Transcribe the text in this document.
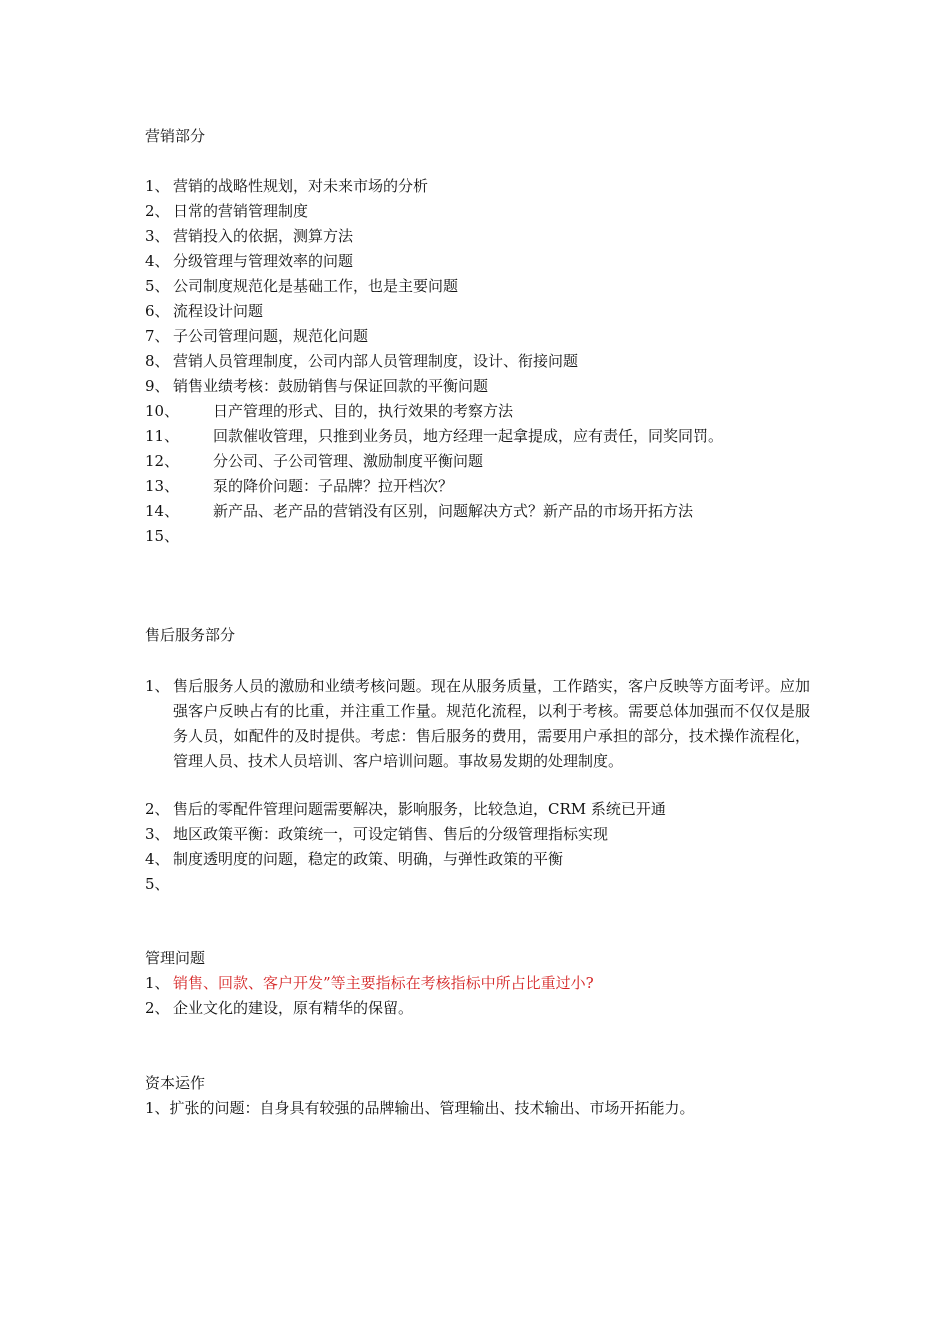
营销部分
1、 营销的战略性规划，对未来市场的分析
2、 日常的营销管理制度
3、 营销投入的依据，测算方法
4、 分级管理与管理效率的问题
5、 公司制度规范化是基础工作，也是主要问题
6、 流程设计问题
7、 子公司管理问题，规范化问题
8、 营销人员管理制度，公司内部人员管理制度，设计、衔接问题
9、 销售业绩考核：鼓励销售与保证回款的平衡问题
10、 日产管理的形式、目的，执行效果的考察方法
11、 回款催收管理，只推到业务员，地方经理一起拿提成，应有责任，同奖同罚。
12、 分公司、子公司管理、激励制度平衡问题
13、 泵的降价问题：子品牌？拉开档次？
14、 新产品、老产品的营销没有区别，问题解决方式？新产品的市场开拓方法
15、
售后服务部分
1、 售后服务人员的激励和业绩考核问题。现在从服务质量，工作踏实，客户反映等方面考评。应加强客户反映占有的比重，并注重工作量。规范化流程，以利于考核。需要总体加强而不仅仅是服务人员，如配件的及时提供。考虑：售后服务的费用，需要用户承担的部分，技术操作流程化，管理人员、技术人员培训、客户培训问题。事故易发期的处理制度。
2、 售后的零配件管理问题需要解决，影响服务，比较急迫，CRM 系统已开通
3、 地区政策平衡：政策统一，可设定销售、售后的分级管理指标实现
4、 制度透明度的问题，稳定的政策、明确，与弹性政策的平衡
5、
管理问题
1、 销售、回款、客户开发”等主要指标在考核指标中所占比重过小?
2、 企业文化的建设，原有精华的保留。
资本运作
1、扩张的问题：自身具有较强的品牌输出、管理输出、技术输出、市场开拓能力。
